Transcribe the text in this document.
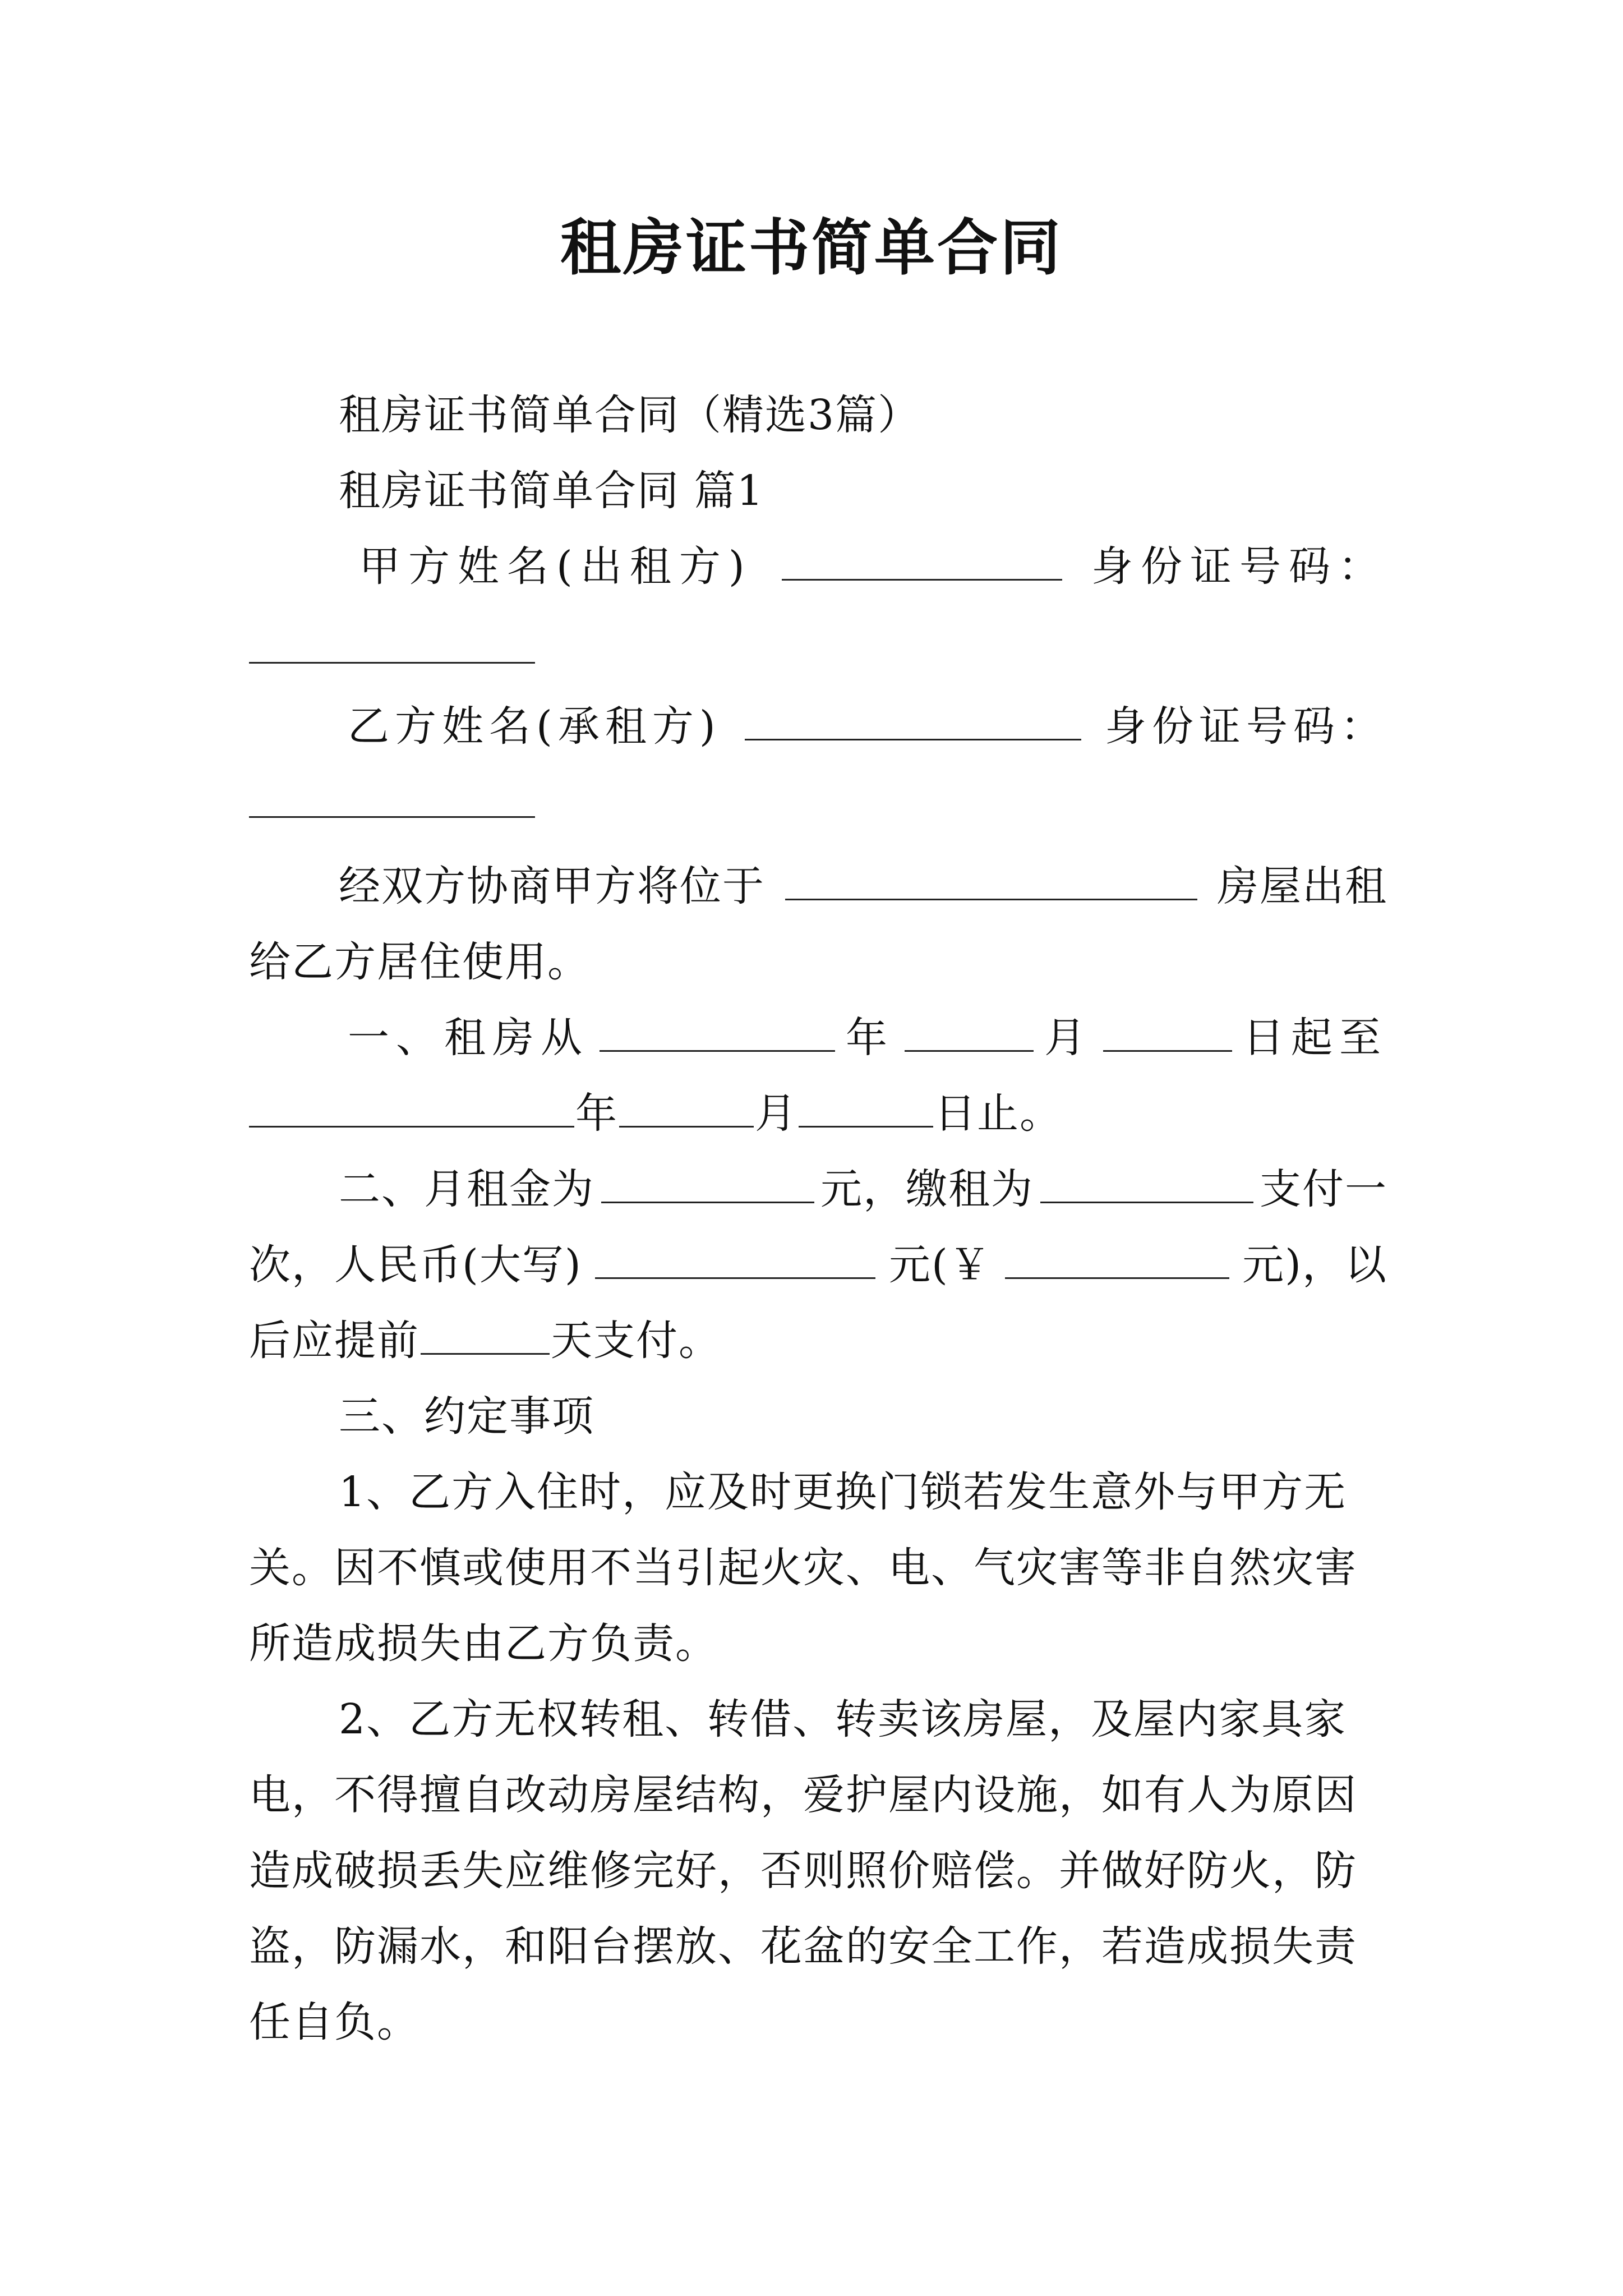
租房证书简单合同
租房证书简单合同（精选3篇）
租房证书简单合同 篇1
甲方姓名(出租方)	身份证号码：
乙方姓名(承租方)	身份证号码：
经双方协商甲方将位于	房屋出租
给乙方居住使用。
一、租房从	年	月	日起至
年	月	日止。
二、月租金为	元，缴租为	支付一
次，人民币(大写)	元(￥	元)，以
后应提前	天支付。
三、约定事项
1、乙方入住时，应及时更换门锁若发生意外与甲方无
关。因不慎或使用不当引起火灾、电、气灾害等非自然灾害
所造成损失由乙方负责。
2、乙方无权转租、转借、转卖该房屋，及屋内家具家
电，不得擅自改动房屋结构，爱护屋内设施，如有人为原因
造成破损丢失应维修完好，否则照价赔偿。并做好防火，防
盗，防漏水，和阳台摆放、花盆的安全工作，若造成损失责
任自负。
